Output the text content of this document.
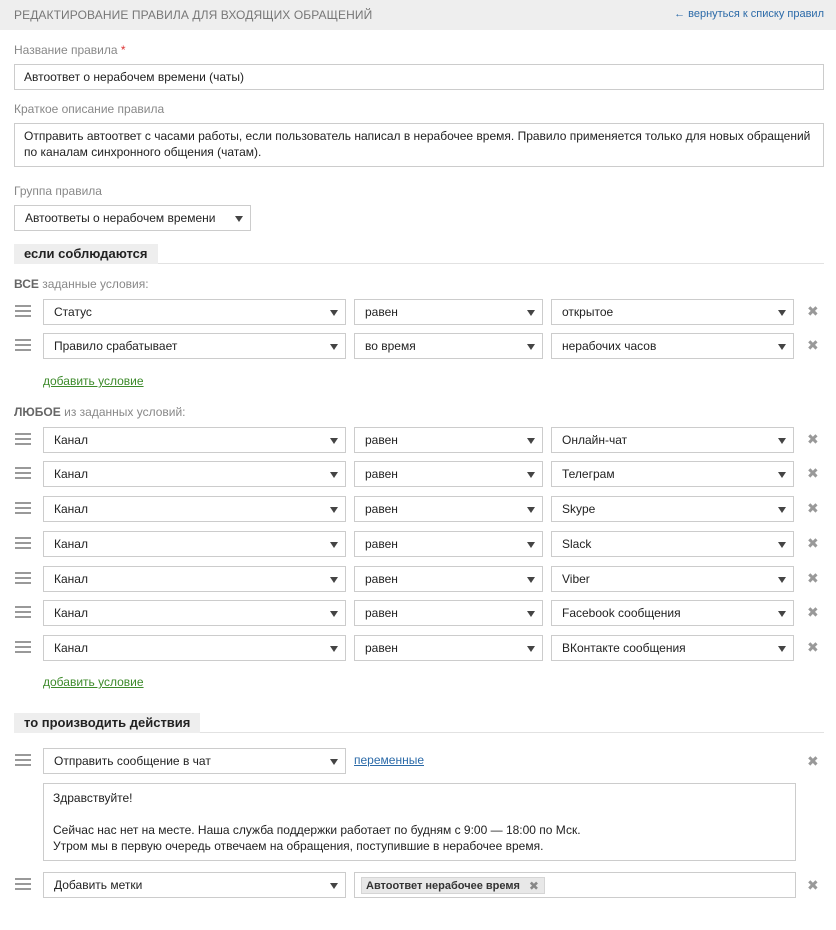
РЕДАКТИРОВАНИЕ ПРАВИЛА ДЛЯ ВХОДЯЩИХ ОБРАЩЕНИЙ	← вернуться к списку правил
Название правила *
Автоответ о нерабочем времени (чаты)
Краткое описание правила
Отправить автоответ с часами работы, если пользователь написал в нерабочее время. Правило применяется только для новых обращений
по каналам синхронного общения (чатам).
Группа правила
Автоответы о нерабочем времени
если соблюдаются
ВСЕ заданные условия:
Статус	равен	открытое	✖
Правило срабатывает	во время	нерабочих часов	✖
добавить условие
ЛЮБОЕ из заданных условий:
Канал	равен	Онлайн-чат	✖
Канал	равен	Телеграм	✖
Канал	равен	Skype	✖
Канал	равен	Slack	✖
Канал	равен	Viber	✖
Канал	равен	Facebook сообщения	✖
Канал	равен	ВКонтакте сообщения	✖
добавить условие
то производить действия
Отправить сообщение в чат	переменные	✖
Здравствуйте!
Сейчас нас нет на месте. Наша служба поддержки работает по будням с 9:00 — 18:00 по Мск.
Утром мы в первую очередь отвечаем на обращения, поступившие в нерабочее время.
Добавить метки	Автоответ нерабочее время ✖	✖
